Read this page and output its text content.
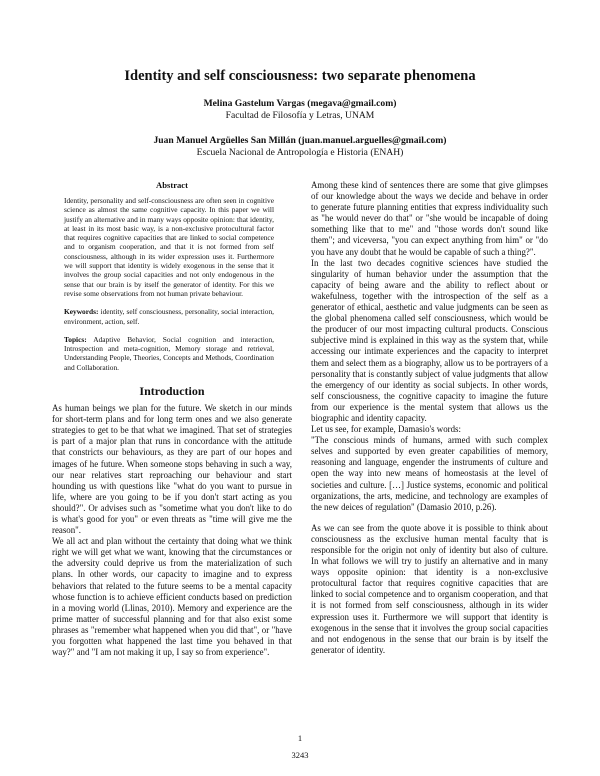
Identity and self consciousness: two separate phenomena
Melina Gastelum Vargas (megava@gmail.com)
Facultad de Filosofía y Letras, UNAM
Juan Manuel Argüelles San Millán (juan.manuel.arguelles@gmail.com)
Escuela Nacional de Antropología e Historia (ENAH)
Abstract

Identity, personality and self-consciousness are often seen in cognitive science as almost the same cognitive capacity. In this paper we will justify an alternative and in many ways opposite opinion: that identity, at least in its most basic way, is a non-exclusive protocultural factor that requires cognitive capacities that are linked to social competence and to organism cooperation, and that it is not formed from self consciousness, although in its wider expression uses it. Furthermore we will support that identity is widely exogenous in the sense that it involves the group social capacities and not only endogenous in the sense that our brain is by itself the generator of identity. For this we revise some observations from not human private behaviour.

Keywords: identity, self consciousness, personality, social interaction, environment, action, self.

Topics: Adaptive Behavior, Social cognition and interaction, Introspection and meta-cognition, Memory storage and retrieval, Understanding People, Theories, Concepts and Methods, Coordination and Collaboration.

Introduction

As human beings we plan for the future. We sketch in our minds for short-term plans and for long term ones and we also generate strategies to get to be that what we imagined. That set of strategies is part of a major plan that runs in concordance with the attitude that constricts our behaviours, as they are part of our hopes and images of he future. When someone stops behaving in such a way, our near relatives start reproaching our behaviour and start hounding us with questions like "what do you want to pursue in life, where are you going to be if you don't start acting as you should?". Or advises such as "sometime what you don't like to do is what's good for you" or even threats as "time will give me the reason".

We all act and plan without the certainty that doing what we think right we will get what we want, knowing that the circumstances or the adversity could deprive us from the materialization of such plans. In other words, our capacity to imagine and to express behaviors that related to the future seems to be a mental capacity whose function is to achieve efficient conducts based on prediction in a moving world (Llinas, 2010). Memory and experience are the prime matter of successful planning and for that also exist some phrases as "remember what happened when you did that", or "have you forgotten what happened the last time you behaved in that way?" and "I am not making it up, I say so from experience".

Among these kind of sentences there are some that give glimpses of our knowledge about the ways we decide and behave in order to generate future planning entities that express individuality such as "he would never do that" or "she would be incapable of doing something like that to me" and "those words don't sound like them"; and viceversa, "you can expect anything from him" or "do you have any doubt that he would be capable of such a thing?".

In the last two decades cognitive sciences have studied the singularity of human behavior under the assumption that the capacity of being aware and the ability to reflect about or wakefulness, together with the introspection of the self as a generator of ethical, aesthetic and value judgments can be seen as the global phenomena called self consciousness, which would be the producer of our most impacting cultural products. Conscious subjective mind is explained in this way as the system that, while accessing our intimate experiences and the capacity to interpret them and select them as a biography, allow us to be portrayers of a personality that is constantly subject of value judgments that allow the emergency of our identity as social subjects. In other words, self consciousness, the cognitive capacity to imagine the future from our experience is the mental system that allows us the biographic and identity capacity.

Let us see, for example, Damasio's words:

"The conscious minds of humans, armed with such complex selves and supported by even greater capabilities of memory, reasoning and language, engender the instruments of culture and open the way into new means of homeostasis at the level of societies and culture. […] Justice systems, economic and political organizations, the arts, medicine, and technology are examples of the new deices of regulation" (Damasio 2010, p.26).

As we can see from the quote above it is possible to think about consciousness as the exclusive human mental faculty that is responsible for the origin not only of identity but also of culture. In what follows we will try to justify an alternative and in many ways opposite opinion: that identity is a non-exclusive protocultural factor that requires cognitive capacities that are linked to social competence and to organism cooperation, and that it is not formed from self consciousness, although in its wider expression uses it. Furthermore we will support that identity is exogenous in the sense that it involves the group social capacities and not endogenous in the sense that our brain is by itself the generator of identity.

1
3243
